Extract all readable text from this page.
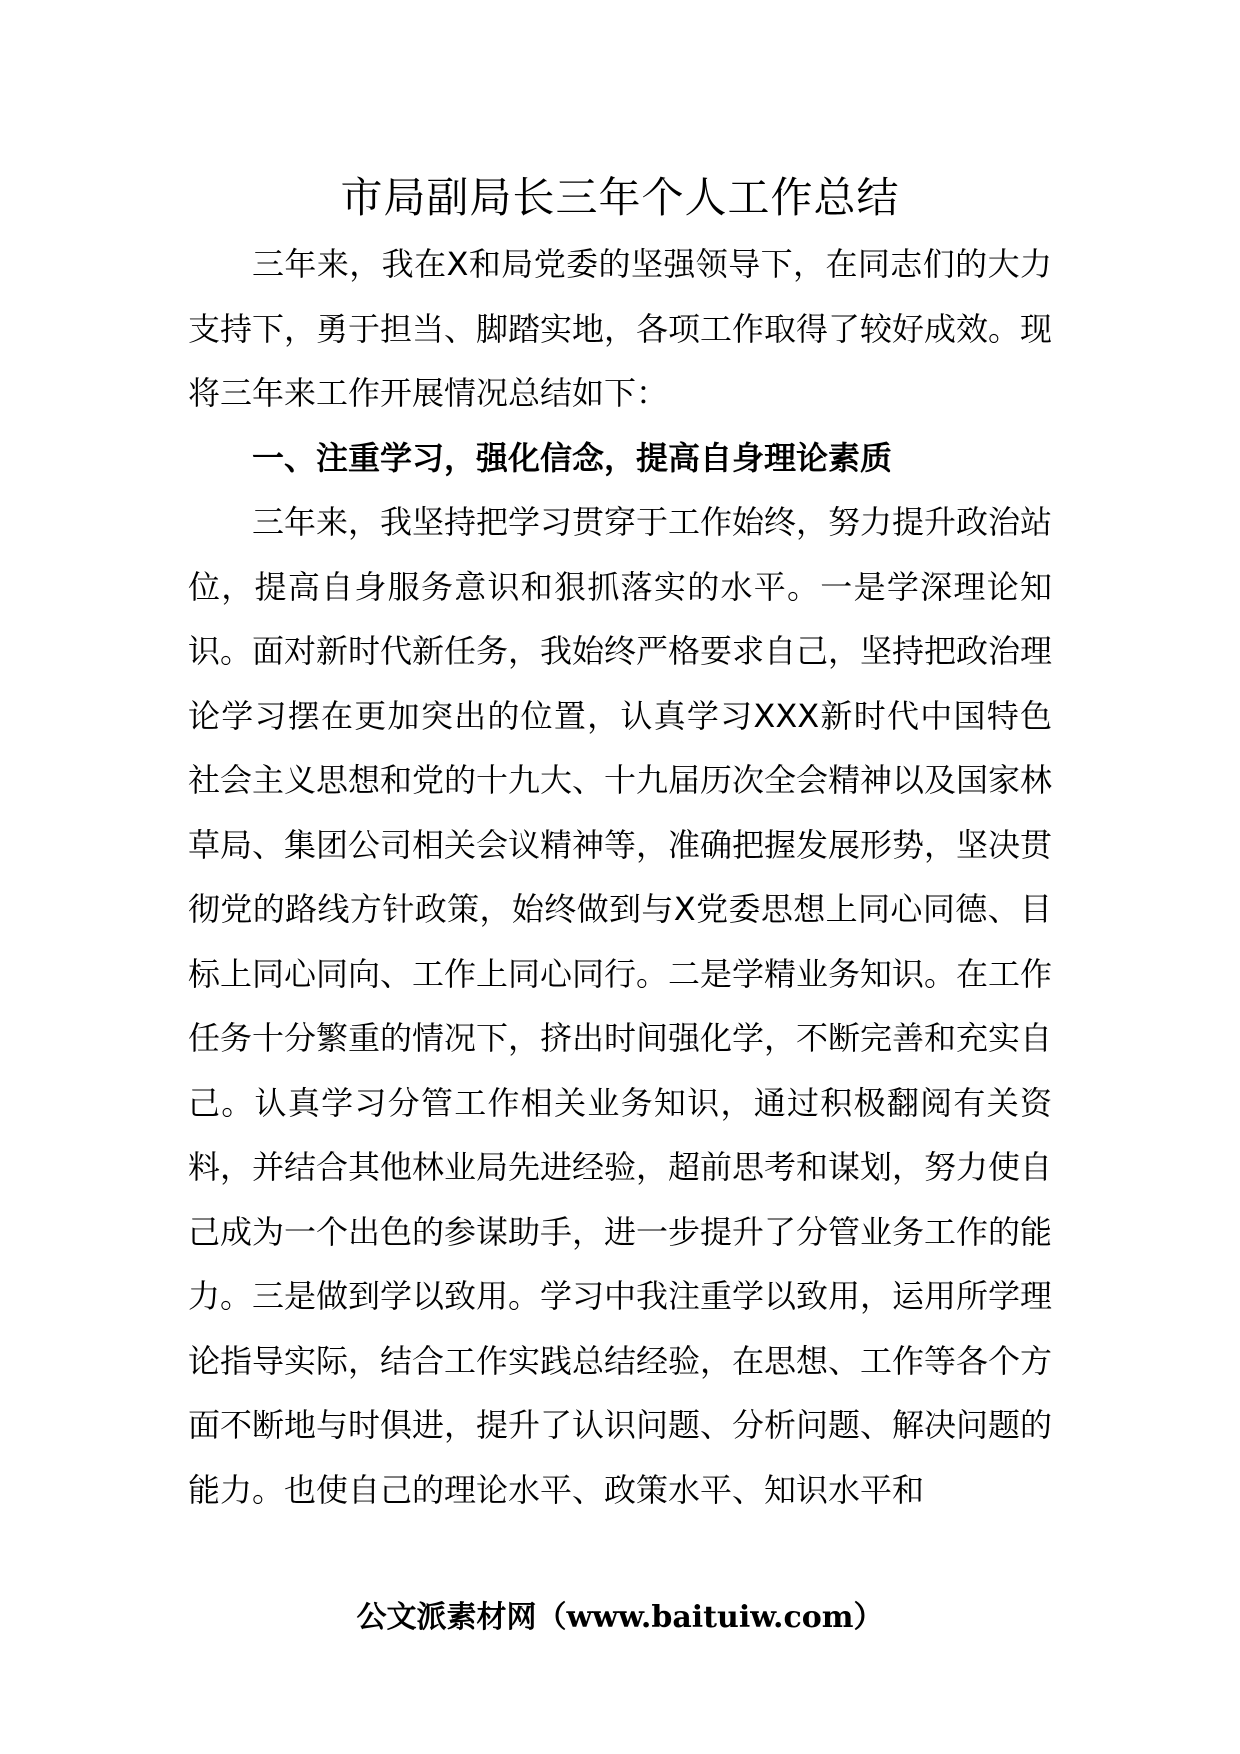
市局副局长三年个人工作总结

三年来，我在X和局党委的坚强领导下，在同志们的大力支持下，勇于担当、脚踏实地，各项工作取得了较好成效。现将三年来工作开展情况总结如下：

一、注重学习，强化信念，提高自身理论素质

三年来，我坚持把学习贯穿于工作始终，努力提升政治站位，提高自身服务意识和狠抓落实的水平。一是学深理论知识。面对新时代新任务，我始终严格要求自己，坚持把政治理论学习摆在更加突出的位置，认真学习XXX新时代中国特色社会主义思想和党的十九大、十九届历次全会精神以及国家林草局、集团公司相关会议精神等，准确把握发展形势，坚决贯彻党的路线方针政策，始终做到与X党委思想上同心同德、目标上同心同向、工作上同心同行。二是学精业务知识。在工作任务十分繁重的情况下，挤出时间强化学，不断完善和充实自己。认真学习分管工作相关业务知识，通过积极翻阅有关资料，并结合其他林业局先进经验，超前思考和谋划，努力使自己成为一个出色的参谋助手，进一步提升了分管业务工作的能力。三是做到学以致用。学习中我注重学以致用，运用所学理论指导实际，结合工作实践总结经验，在思想、工作等各个方面不断地与时俱进，提升了认识问题、分析问题、解决问题的能力。也使自己的理论水平、政策水平、知识水平和

公文派素材网（www.baituiw.com）
